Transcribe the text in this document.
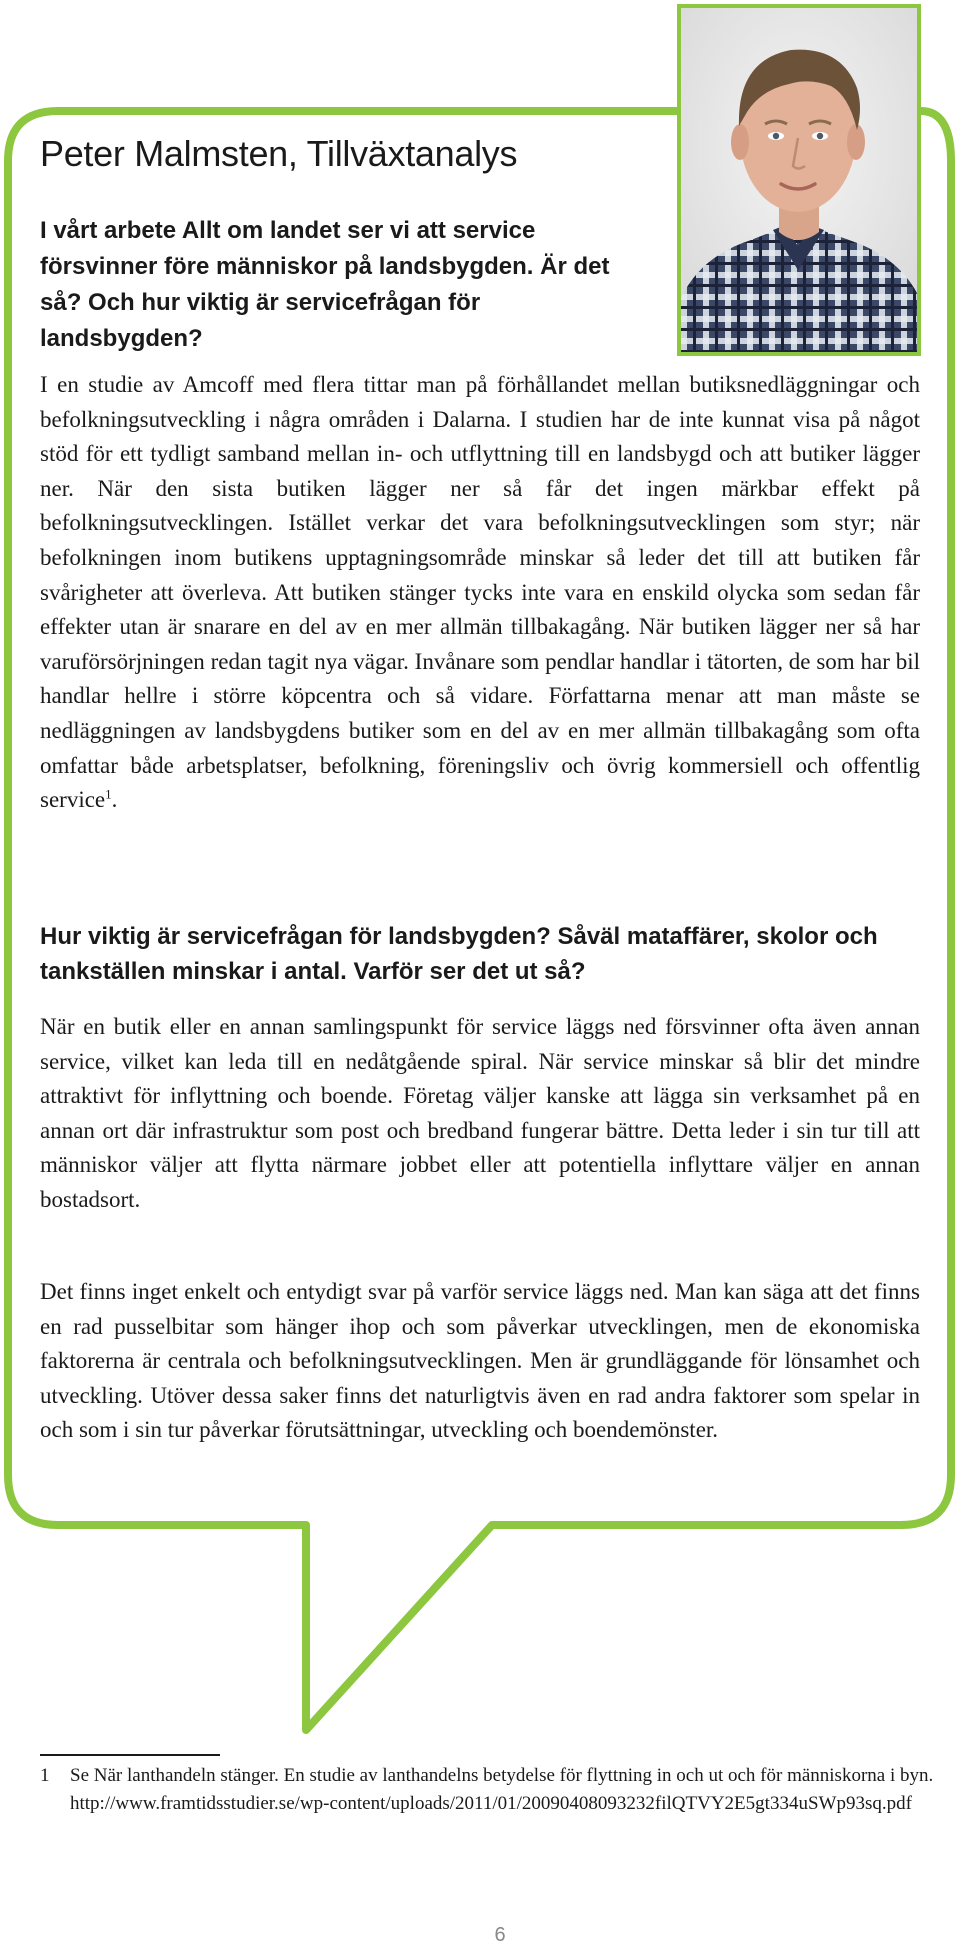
Peter Malmsten, Tillväxtanalys

I vårt arbete Allt om landet ser vi att service försvinner före människor på landsbygden. Är det så? Och hur viktig är servicefrågan för landsbygden?

I en studie av Amcoff med flera tittar man på förhållandet mellan butiksnedläggningar och befolkningsutveckling i några områden i Dalarna. I studien har de inte kunnat visa på något stöd för ett tydligt samband mellan in- och utflyttning till en landsbygd och att butiker lägger ner. När den sista butiken lägger ner så får det ingen märkbar effekt på befolkningsutvecklingen. Istället verkar det vara befolkningsutvecklingen som styr; när befolkningen inom butikens upptagningsområde minskar så leder det till att butiken får svårigheter att överleva. Att butiken stänger tycks inte vara en enskild olycka som sedan får effekter utan är snarare en del av en mer allmän tillbakagång. När butiken lägger ner så har varuförsörjningen redan tagit nya vägar. Invånare som pendlar handlar i tätorten, de som har bil handlar hellre i större köpcentra och så vidare. Författarna menar att man måste se nedläggningen av landsbygdens butiker som en del av en mer allmän tillbakagång som ofta omfattar både arbetsplatser, befolkning, föreningsliv och övrig kommersiell och offentlig service$^1$.

Hur viktig är servicefrågan för landsbygden? Såväl mataffärer, skolor och tankställen minskar i antal. Varför ser det ut så?

När en butik eller en annan samlingspunkt för service läggs ned försvinner ofta även annan service, vilket kan leda till en nedåtgående spiral. När service minskar så blir det mindre attraktivt för inflyttning och boende. Företag väljer kanske att lägga sin verksamhet på en annan ort där infrastruktur som post och bredband fungerar bättre. Detta leder i sin tur till att människor väljer att flytta närmare jobbet eller att potentiella inflyttare väljer en annan bostadsort.

Det finns inget enkelt och entydigt svar på varför service läggs ned. Man kan säga att det finns en rad pusselbitar som hänger ihop och som påverkar utvecklingen, men de ekonomiska faktorerna är centrala och befolkningsutvecklingen. Men är grundläggande för lönsamhet och utveckling. Utöver dessa saker finns det naturligtvis även en rad andra faktorer som spelar in och som i sin tur påverkar förutsättningar, utveckling och boendemönster.

1 Se När lanthandeln stänger. En studie av lanthandelns betydelse för flyttning in och ut och för människorna i byn. http://www.framtidsstudier.se/wp-content/uploads/2011/01/20090408093232filQTVY2E5gt334uSWp93sq.pdf
6
